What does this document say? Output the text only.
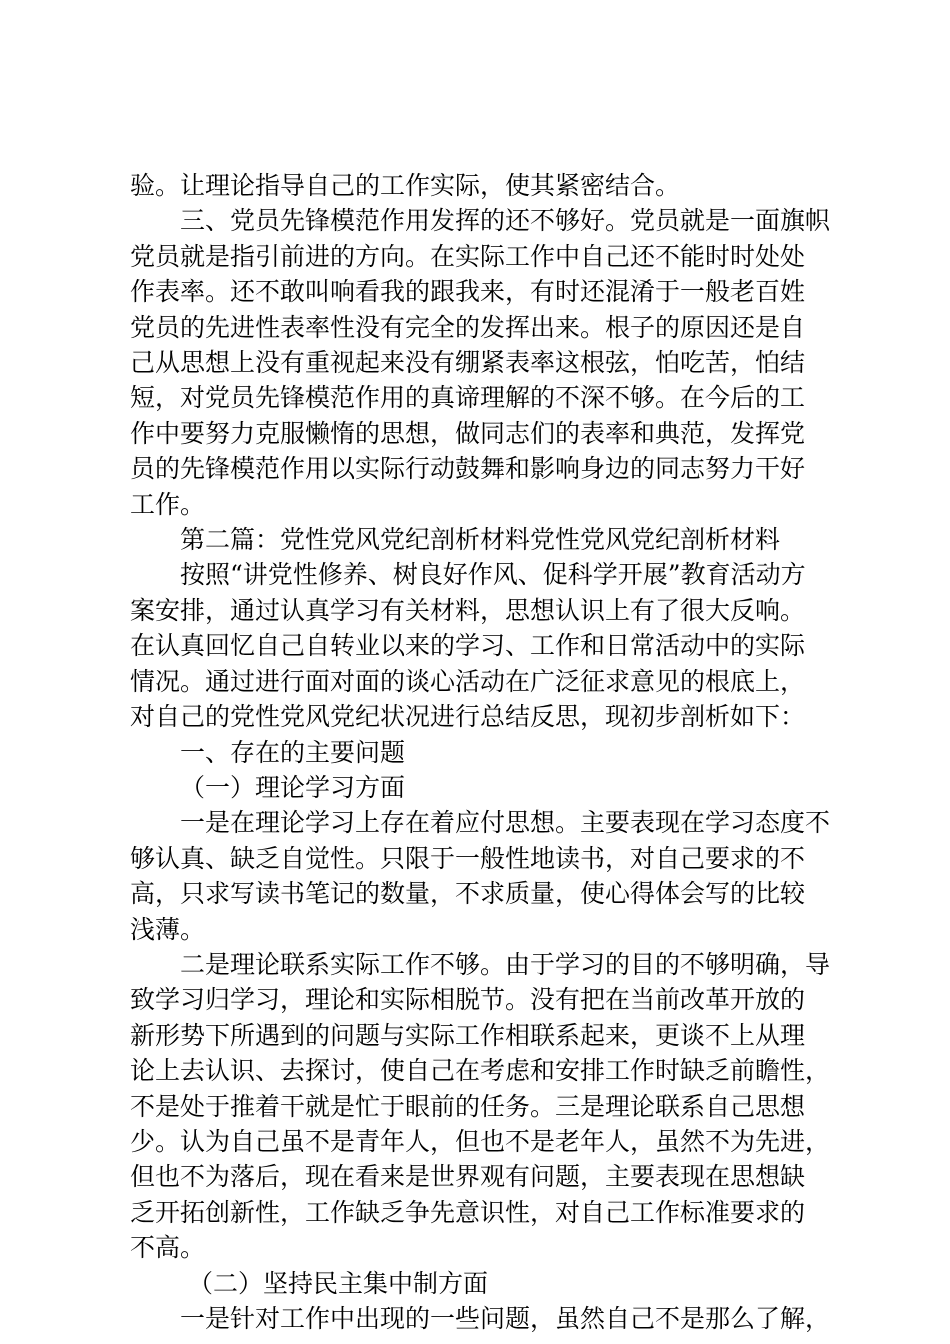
验。让理论指导自己的工作实际，使其紧密结合。

三、党员先锋模范作用发挥的还不够好。党员就是一面旗帜

党员就是指引前进的方向。在实际工作中自己还不能时时处处

作表率。还不敢叫响看我的跟我来，有时还混淆于一般老百姓

党员的先进性表率性没有完全的发挥出来。根子的原因还是自

己从思想上没有重视起来没有绷紧表率这根弦，怕吃苦，怕结

短，对党员先锋模范作用的真谛理解的不深不够。在今后的工

作中要努力克服懒惰的思想，做同志们的表率和典范，发挥党

员的先锋模范作用以实际行动鼓舞和影响身边的同志努力干好

工作。

第二篇：党性党风党纪剖析材料党性党风党纪剖析材料

按照“讲党性修养、树良好作风、促科学开展”教育活动方

案安排，通过认真学习有关材料，思想认识上有了很大反响。

在认真回忆自己自转业以来的学习、工作和日常活动中的实际

情况。通过进行面对面的谈心活动在广泛征求意见的根底上，

对自己的党性党风党纪状况进行总结反思，现初步剖析如下：

一、存在的主要问题

（一）理论学习方面

一是在理论学习上存在着应付思想。主要表现在学习态度不

够认真、缺乏自觉性。只限于一般性地读书，对自己要求的不

高，只求写读书笔记的数量，不求质量，使心得体会写的比较

浅薄。

二是理论联系实际工作不够。由于学习的目的不够明确，导

致学习归学习，理论和实际相脱节。没有把在当前改革开放的

新形势下所遇到的问题与实际工作相联系起来，更谈不上从理

论上去认识、去探讨，使自己在考虑和安排工作时缺乏前瞻性，

不是处于推着干就是忙于眼前的任务。三是理论联系自己思想

少。认为自己虽不是青年人，但也不是老年人，虽然不为先进，

但也不为落后，现在看来是世界观有问题，主要表现在思想缺

乏开拓创新性，工作缺乏争先意识性，对自己工作标准要求的

不高。

（二）坚持民主集中制方面

一是针对工作中出现的一些问题，虽然自己不是那么了解，
